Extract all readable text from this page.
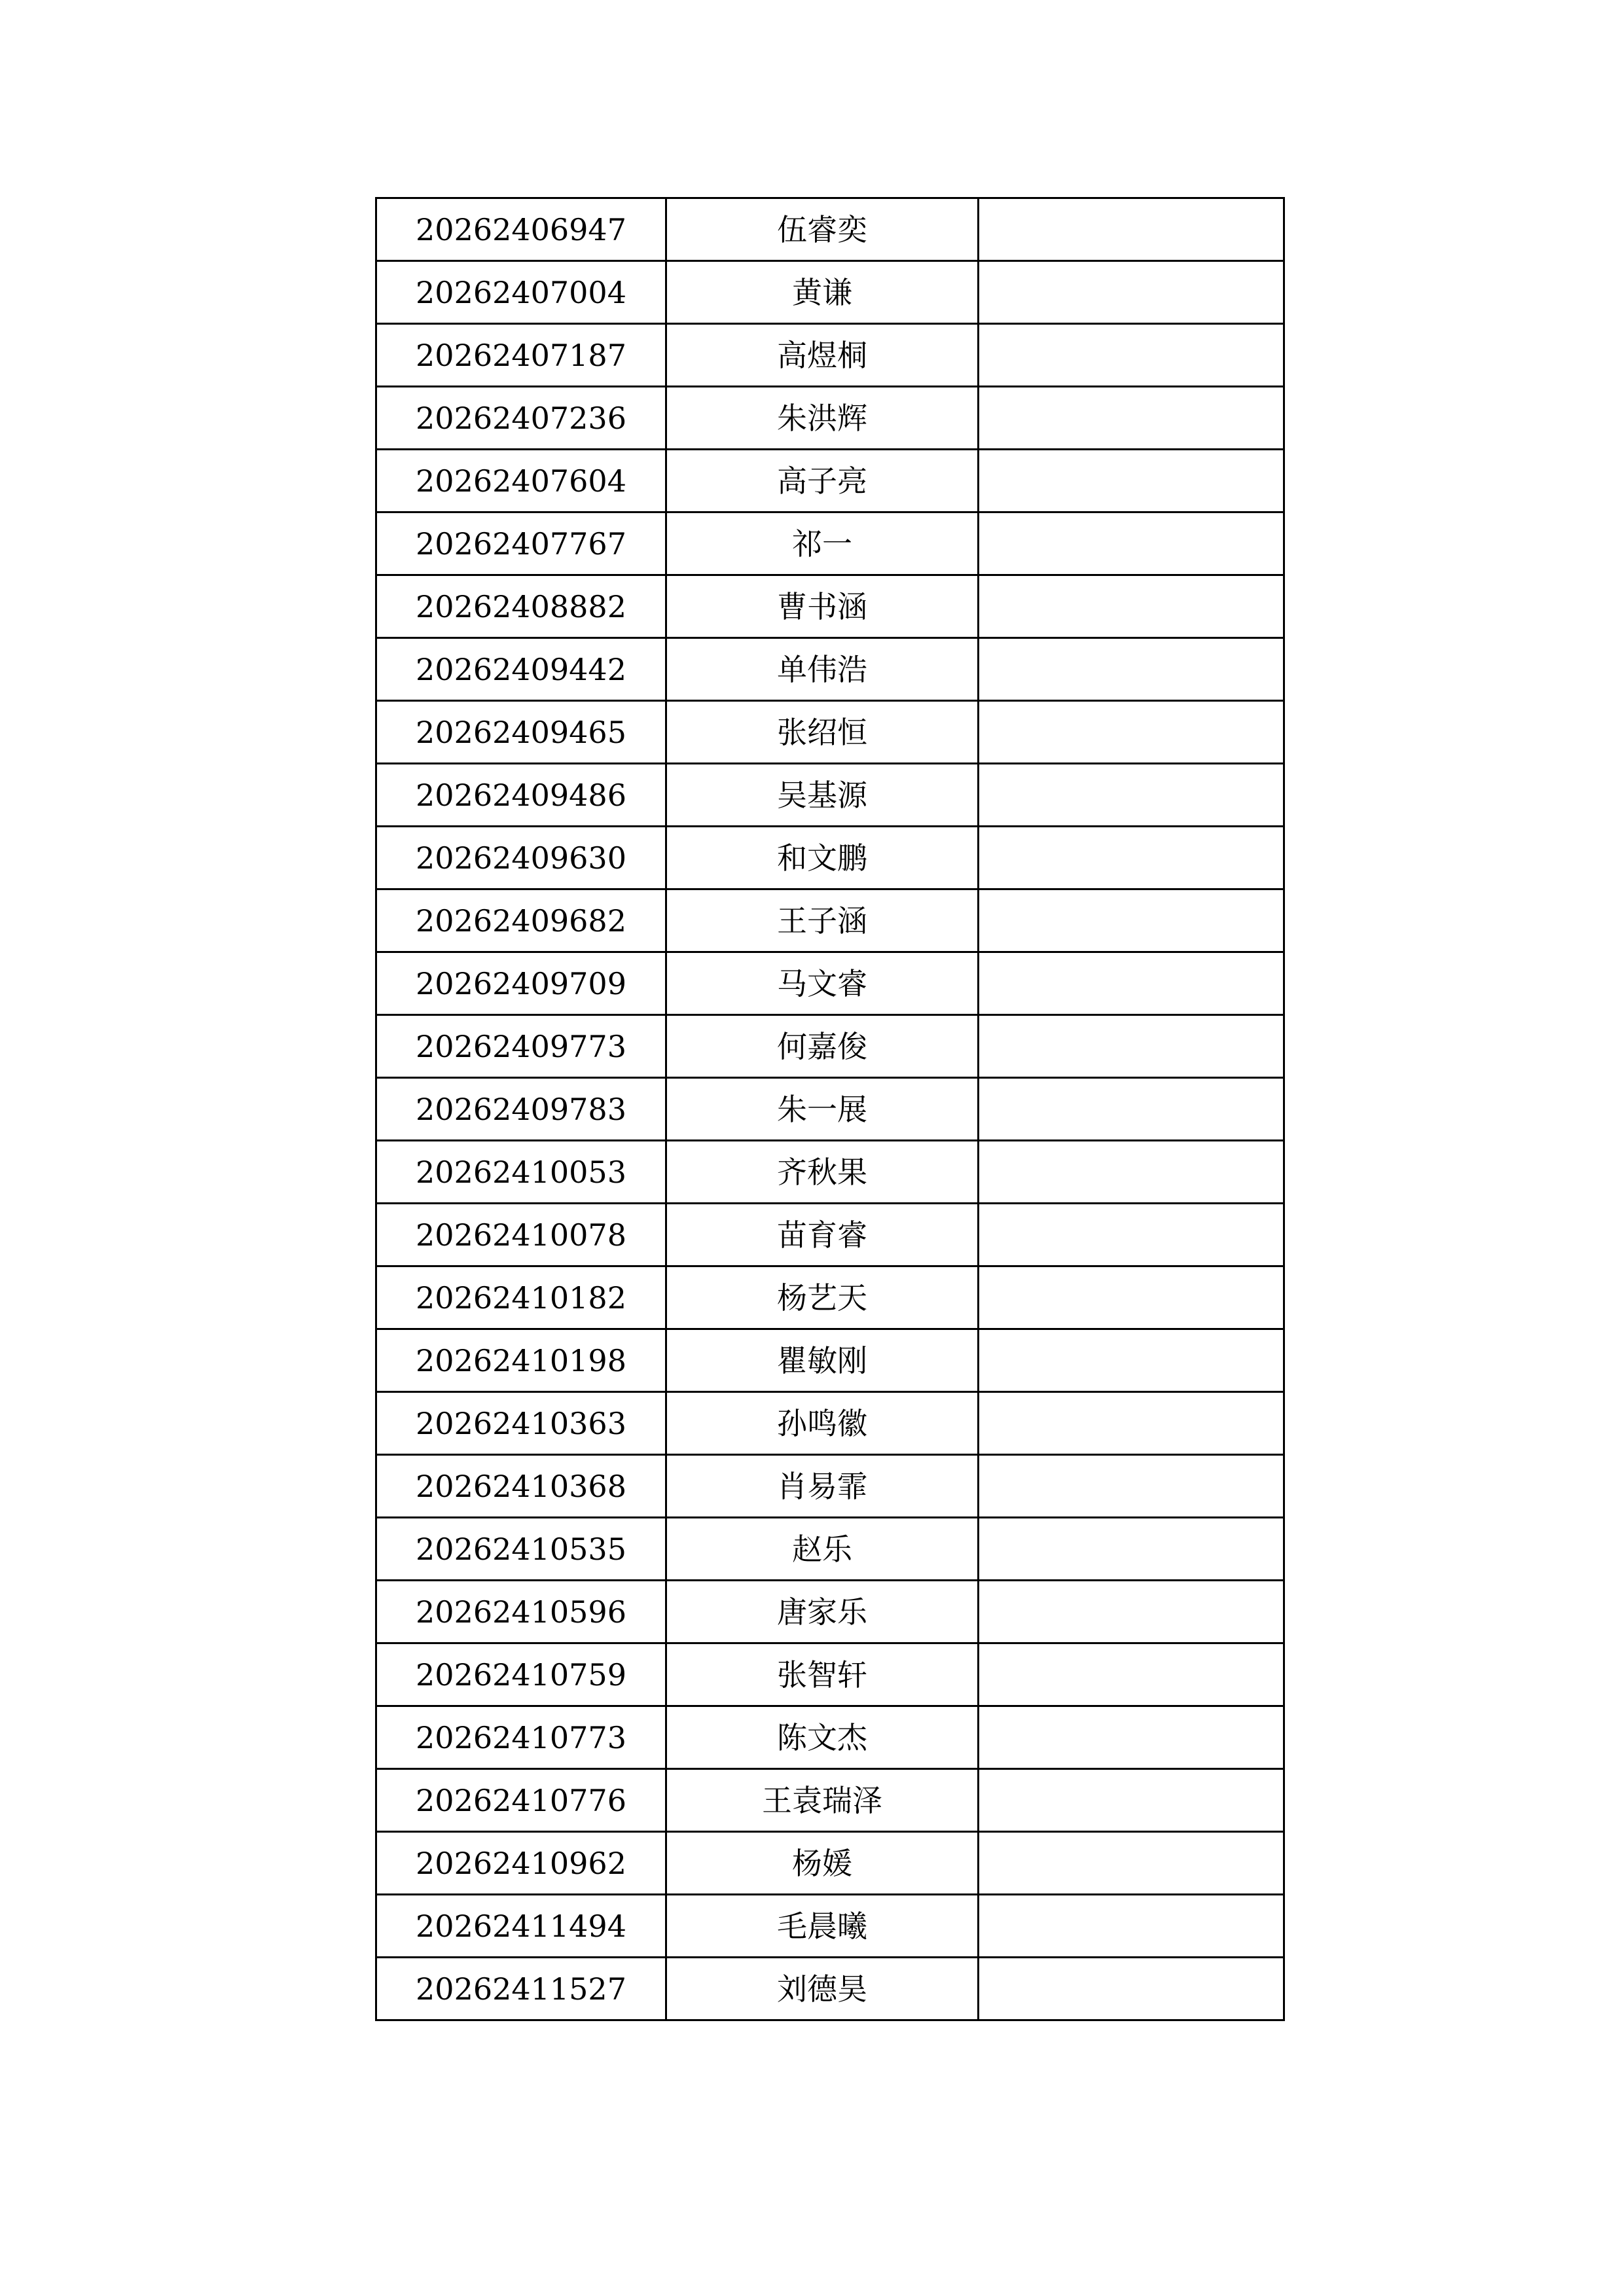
20262406947	伍睿奕	
20262407004	黄谦	
20262407187	高煜桐	
20262407236	朱洪辉	
20262407604	高子亮	
20262407767	祁一	
20262408882	曹书涵	
20262409442	单伟浩	
20262409465	张绍恒	
20262409486	吴基源	
20262409630	和文鹏	
20262409682	王子涵	
20262409709	马文睿	
20262409773	何嘉俊	
20262409783	朱一展	
20262410053	齐秋果	
20262410078	苗育睿	
20262410182	杨艺天	
20262410198	瞿敏刚	
20262410363	孙鸣徽	
20262410368	肖易霏	
20262410535	赵乐	
20262410596	唐家乐	
20262410759	张智轩	
20262410773	陈文杰	
20262410776	王袁瑞泽	
20262410962	杨媛	
20262411494	毛晨曦	
20262411527	刘德昊	
